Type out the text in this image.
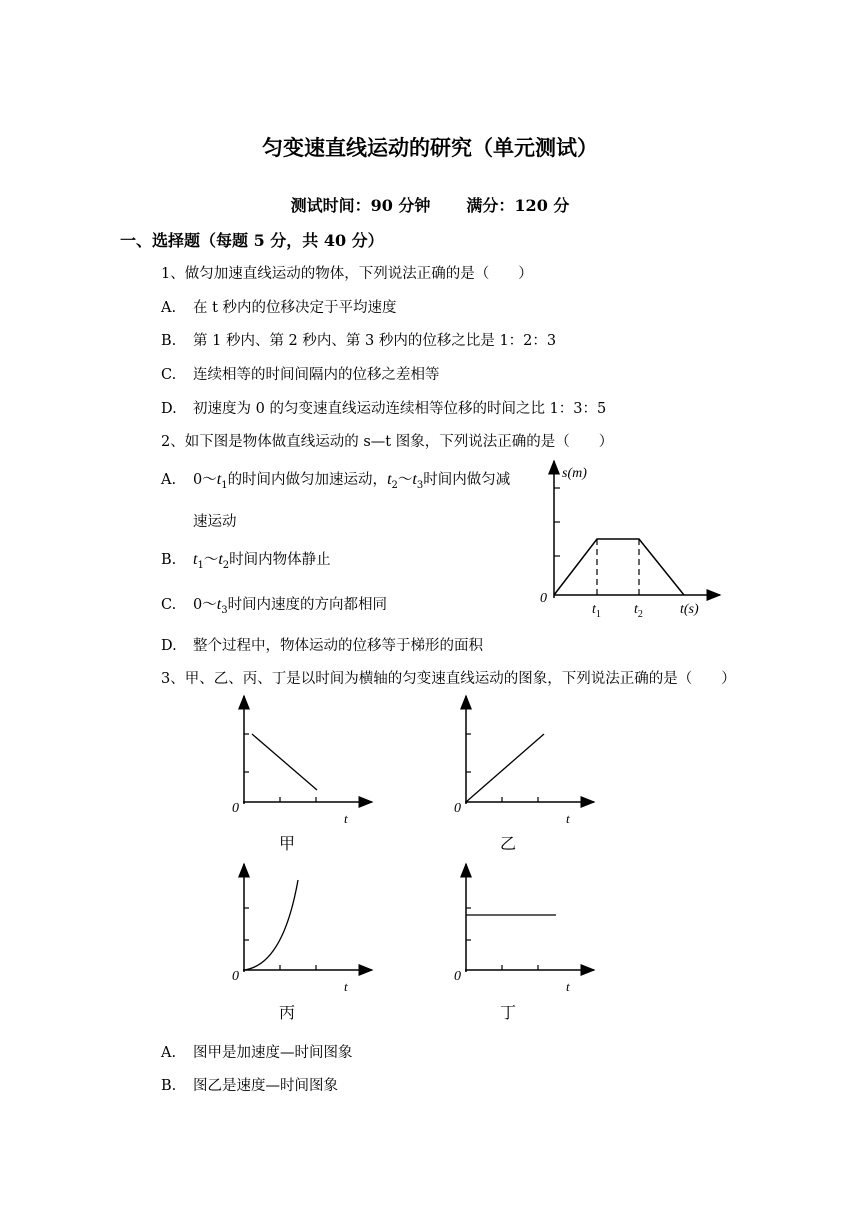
匀变速直线运动的研究（单元测试）
测试时间：90 分钟 满分：120 分
一、选择题（每题 5 分，共 40 分）
1、做匀加速直线运动的物体，下列说法正确的是（　　）
A. 在 t 秒内的位移决定于平均速度
B. 第 1 秒内、第 2 秒内、第 3 秒内的位移之比是 1：2：3
C. 连续相等的时间间隔内的位移之差相等
D. 初速度为 0 的匀变速直线运动连续相等位移的时间之比 1：3：5
2、如下图是物体做直线运动的 s—t 图象，下列说法正确的是（　　）
A. $0\sim t_1$的时间内做匀加速运动，$t_2\sim t_3$时间内做匀减
速运动
B. $t_1\sim t_2$时间内物体静止
C. $0\sim t_3$时间内速度的方向都相同
D. 整个过程中，物体运动的位移等于梯形的面积
s(m)
0
$t_1$ $t_2$	t(s)
3、甲、乙、丙、丁是以时间为横轴的匀变速直线运动的图象，下列说法正确的是（　　）
0
t
甲
0
t
乙
0
t
丙
0
t
丁
A. 图甲是加速度—时间图象
B. 图乙是速度—时间图象
